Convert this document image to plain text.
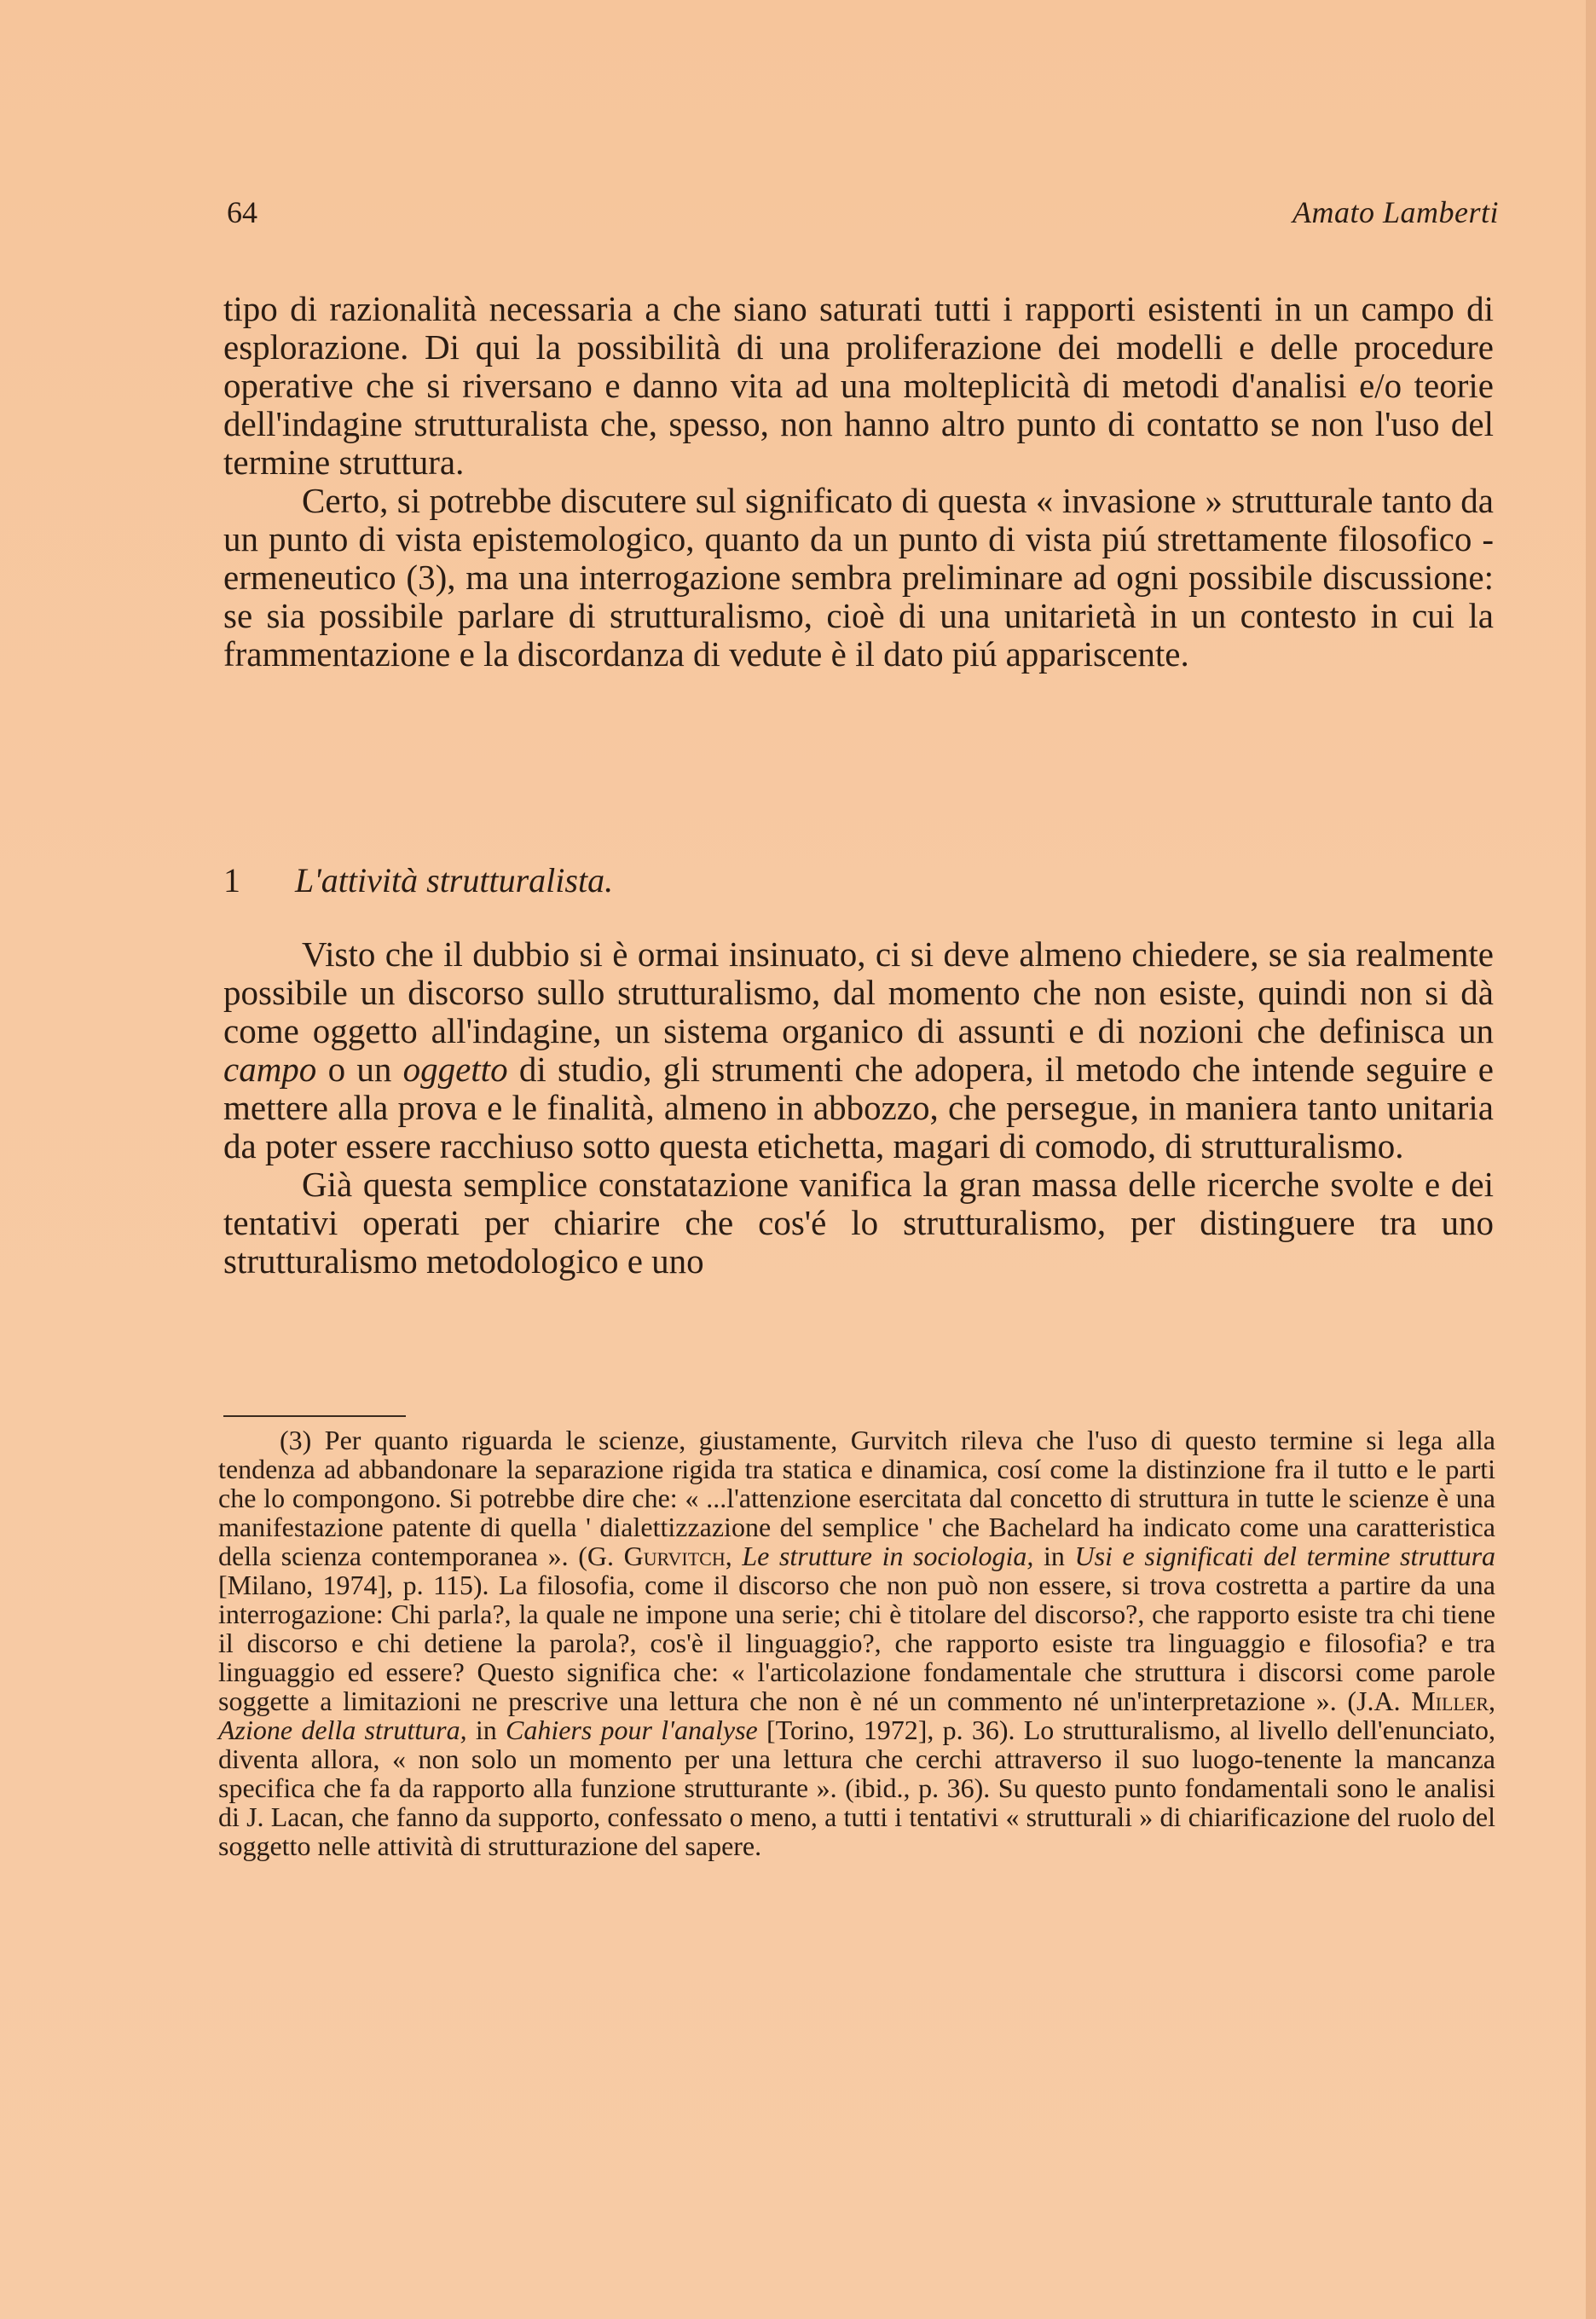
64	Amato Lamberti

tipo di razionalità necessaria a che siano saturati tutti i rapporti esistenti in un campo di esplorazione. Di qui la possibilità di una proliferazione dei modelli e delle procedure operative che si riversano e danno vita ad una molteplicità di metodi d'analisi e/o teorie dell'indagine strutturalista che, spesso, non hanno altro punto di contatto se non l'uso del termine struttura.

Certo, si potrebbe discutere sul significato di questa « invasione » strutturale tanto da un punto di vista epistemologico, quanto da un punto di vista piú strettamente filosofico - ermeneutico (3), ma una interrogazione sembra preliminare ad ogni possibile discussione: se sia possibile parlare di strutturalismo, cioè di una unitarietà in un contesto in cui la frammentazione e la discordanza di vedute è il dato piú appariscente.

1 L'attività strutturalista.

Visto che il dubbio si è ormai insinuato, ci si deve almeno chiedere, se sia realmente possibile un discorso sullo strutturalismo, dal momento che non esiste, quindi non si dà come oggetto all'indagine, un sistema organico di assunti e di nozioni che definisca un campo o un oggetto di studio, gli strumenti che adopera, il metodo che intende seguire e mettere alla prova e le finalità, almeno in abbozzo, che persegue, in maniera tanto unitaria da poter essere racchiuso sotto questa etichetta, magari di comodo, di strutturalismo.

Già questa semplice constatazione vanifica la gran massa delle ricerche svolte e dei tentativi operati per chiarire che cos'é lo strutturalismo, per distinguere tra uno strutturalismo metodologico e uno

(3) Per quanto riguarda le scienze, giustamente, Gurvitch rileva che l'uso di questo termine si lega alla tendenza ad abbandonare la separazione rigida tra statica e dinamica, cosí come la distinzione fra il tutto e le parti che lo compongono. Si potrebbe dire che: « ...l'attenzione esercitata dal concetto di struttura in tutte le scienze è una manifestazione patente di quella ' dialettizzazione del semplice ' che Bachelard ha indicato come una caratteristica della scienza contemporanea ». (G. Gurvitch, Le strutture in sociologia, in Usi e significati del termine struttura [Milano, 1974], p. 115). La filosofia, come il discorso che non può non essere, si trova costretta a partire da una interrogazione: Chi parla?, la quale ne impone una serie; chi è titolare del discorso?, che rapporto esiste tra chi tiene il discorso e chi detiene la parola?, cos'è il linguaggio?, che rapporto esiste tra linguaggio e filosofia? e tra linguaggio ed essere? Questo significa che: « l'articolazione fondamentale che struttura i discorsi come parole soggette a limitazioni ne prescrive una lettura che non è né un commento né un'interpretazione ». (J.A. Miller, Azione della struttura, in Cahiers pour l'analyse [Torino, 1972], p. 36). Lo strutturalismo, al livello dell'enunciato, diventa allora, « non solo un momento per una lettura che cerchi attraverso il suo luogo-tenente la mancanza specifica che fa da rapporto alla funzione strutturante ». (ibid., p. 36). Su questo punto fondamentali sono le analisi di J. Lacan, che fanno da supporto, confessato o meno, a tutti i tentativi « strutturali » di chiarificazione del ruolo del soggetto nelle attività di strutturazione del sapere.
